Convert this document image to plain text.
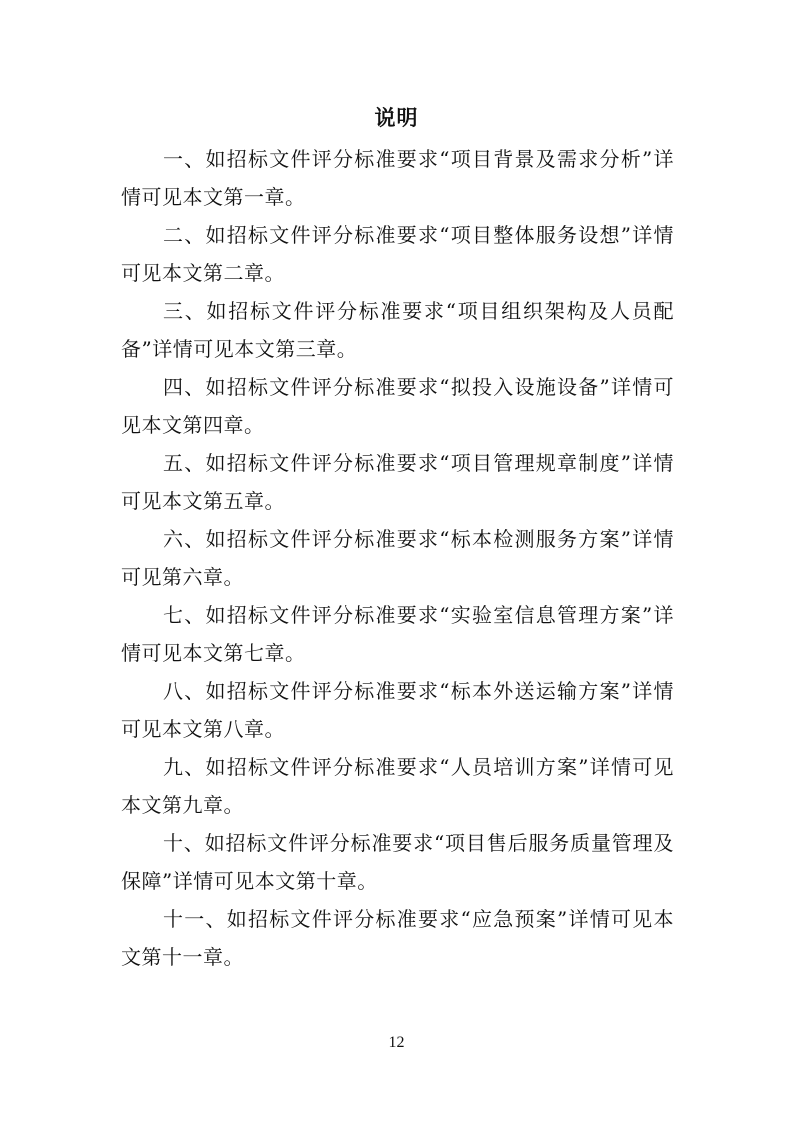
说明

一、如招标文件评分标准要求“项目背景及需求分析”详情可见本文第一章。

二、如招标文件评分标准要求“项目整体服务设想”详情可见本文第二章。

三、如招标文件评分标准要求“项目组织架构及人员配备”详情可见本文第三章。

四、如招标文件评分标准要求“拟投入设施设备”详情可见本文第四章。

五、如招标文件评分标准要求“项目管理规章制度”详情可见本文第五章。

六、如招标文件评分标准要求“标本检测服务方案”详情可见第六章。

七、如招标文件评分标准要求“实验室信息管理方案”详情可见本文第七章。

八、如招标文件评分标准要求“标本外送运输方案”详情可见本文第八章。

九、如招标文件评分标准要求“人员培训方案”详情可见本文第九章。

十、如招标文件评分标准要求“项目售后服务质量管理及保障”详情可见本文第十章。

十一、如招标文件评分标准要求“应急预案”详情可见本文第十一章。

12
